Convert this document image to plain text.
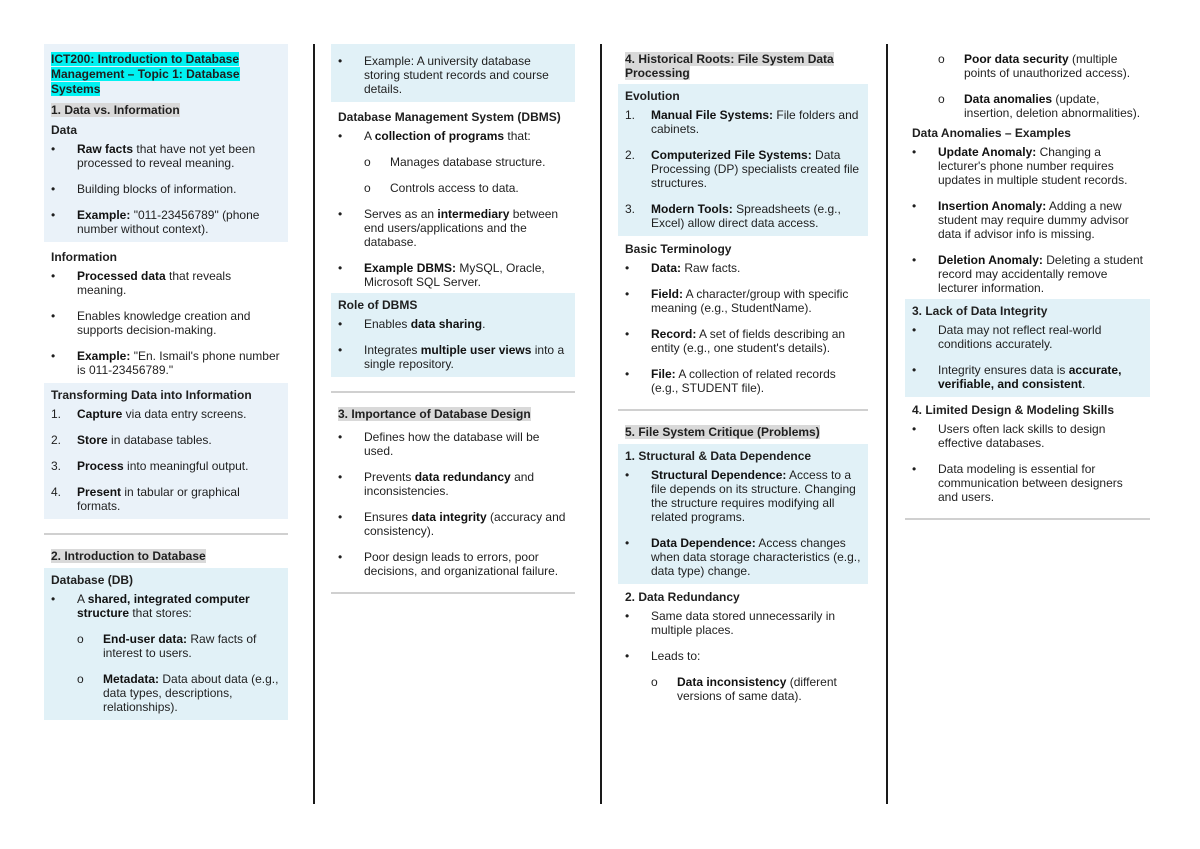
ICT200: Introduction to Database Management – Topic 1: Database Systems
1. Data vs. Information
Data
•	Raw facts that have not yet been processed to reveal meaning.
•	Building blocks of information.
•	Example: "011-23456789" (phone number without context).
Information
•	Processed data that reveals meaning.
•	Enables knowledge creation and supports decision-making.
•	Example: "En. Ismail's phone number is 011-23456789."
Transforming Data into Information
1.	Capture via data entry screens.
2.	Store in database tables.
3.	Process into meaningful output.
4.	Present in tabular or graphical formats.
2. Introduction to Database
Database (DB)
•	A shared, integrated computer structure that stores:
o	End-user data: Raw facts of interest to users.
o	Metadata: Data about data (e.g., data types, descriptions, relationships).
•	Example: A university database storing student records and course details.
Database Management System (DBMS)
•	A collection of programs that:
o	Manages database structure.
o	Controls access to data.
•	Serves as an intermediary between end users/applications and the database.
•	Example DBMS: MySQL, Oracle, Microsoft SQL Server.
Role of DBMS
•	Enables data sharing.
•	Integrates multiple user views into a single repository.
3. Importance of Database Design
•	Defines how the database will be used.
•	Prevents data redundancy and inconsistencies.
•	Ensures data integrity (accuracy and consistency).
•	Poor design leads to errors, poor decisions, and organizational failure.
4. Historical Roots: File System Data Processing
Evolution
1.	Manual File Systems: File folders and cabinets.
2.	Computerized File Systems: Data Processing (DP) specialists created file structures.
3.	Modern Tools: Spreadsheets (e.g., Excel) allow direct data access.
Basic Terminology
•	Data: Raw facts.
•	Field: A character/group with specific meaning (e.g., StudentName).
•	Record: A set of fields describing an entity (e.g., one student's details).
•	File: A collection of related records (e.g., STUDENT file).
5. File System Critique (Problems)
1. Structural & Data Dependence
•	Structural Dependence: Access to a file depends on its structure. Changing the structure requires modifying all related programs.
•	Data Dependence: Access changes when data storage characteristics (e.g., data type) change.
2. Data Redundancy
•	Same data stored unnecessarily in multiple places.
•	Leads to:
o	Data inconsistency (different versions of same data).
o	Poor data security (multiple points of unauthorized access).
o	Data anomalies (update, insertion, deletion abnormalities).
Data Anomalies – Examples
•	Update Anomaly: Changing a lecturer's phone number requires updates in multiple student records.
•	Insertion Anomaly: Adding a new student may require dummy advisor data if advisor info is missing.
•	Deletion Anomaly: Deleting a student record may accidentally remove lecturer information.
3. Lack of Data Integrity
•	Data may not reflect real-world conditions accurately.
•	Integrity ensures data is accurate, verifiable, and consistent.
4. Limited Design & Modeling Skills
•	Users often lack skills to design effective databases.
•	Data modeling is essential for communication between designers and users.
